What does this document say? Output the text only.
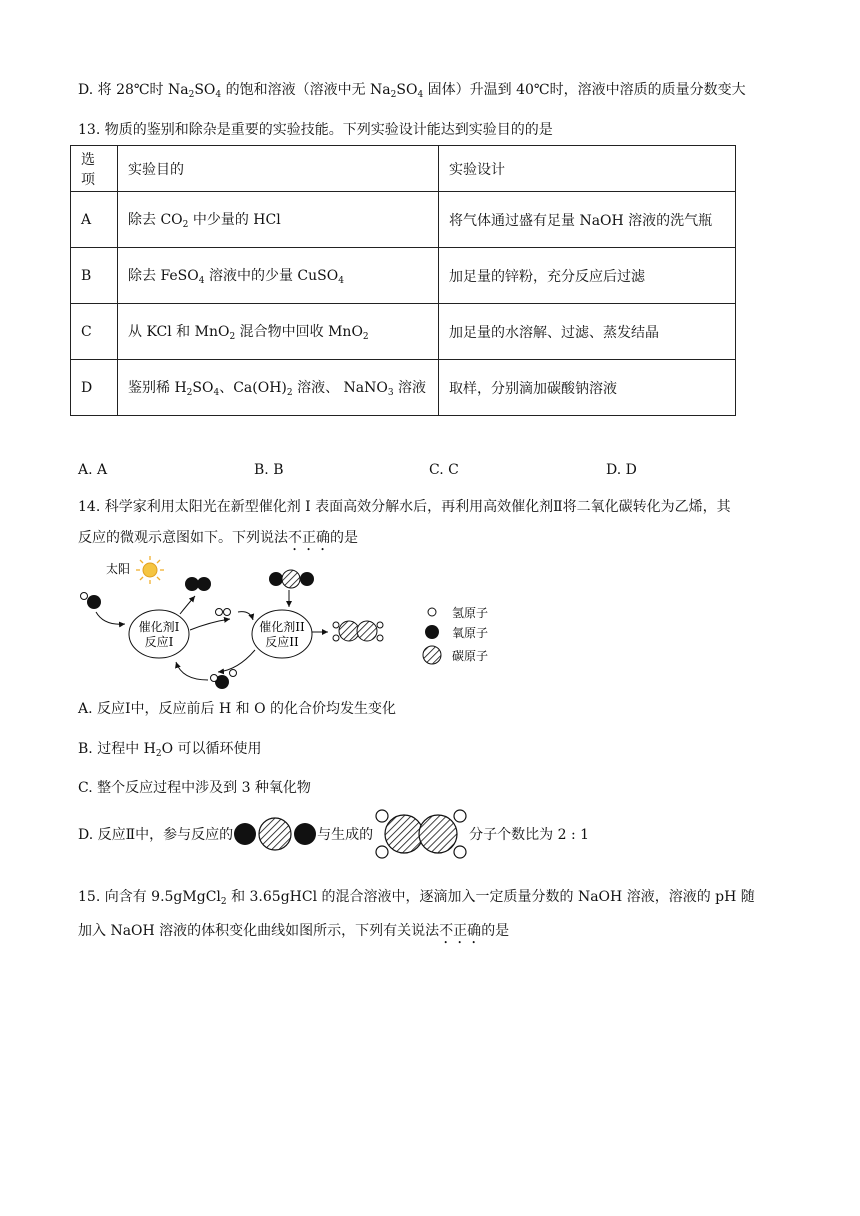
D. 将 28℃时 $Na_2SO_4$ 的饱和溶液（溶液中无 $Na_2SO_4$ 固体）升温到 40℃时，溶液中溶质的质量分数变大
13. 物质的鉴别和除杂是重要的实验技能。下列实验设计能达到实验目的的是
选项	实验目的	实验设计
A	除去 $CO_2$ 中少量的 HCl	将气体通过盛有足量 NaOH 溶液的洗气瓶
B	除去 FeSO$_4$ 溶液中的少量 CuSO$_4$	加足量的锌粉，充分反应后过滤
C	从 KCl 和 MnO$_2$ 混合物中回收 MnO$_2$	加足量的水溶解、过滤、蒸发结晶
D	鉴别稀 $H_2SO_4$、$Ca(OH)_2$ 溶液、 NaNO$_3$ 溶液	取样，分别滴加碳酸钠溶液
A. A	B. B	C. C	D. D
14. 科学家利用太阳光在新型催化剂 I 表面高效分解水后，再利用高效催化剂Ⅱ将二氧化碳转化为乙烯，其
反应的微观示意图如下。下列说法不正确的是
太阳
催化剂I
反应I
催化剂II
反应II
氢原子
氧原子
碳原子
A. 反应Ⅰ中，反应前后 H 和 O 的化合价均发生变化
B. 过程中 $H_2O$ 可以循环使用
C. 整个反应过程中涉及到 3 种氧化物
D. 反应Ⅱ中，参与反应的	与生成的	分子个数比为 2 : 1
15. 向含有 9.5gMgCl$_2$ 和 3.65gHCl 的混合溶液中，逐滴加入一定质量分数的 NaOH 溶液，溶液的 pH 随
加入 NaOH 溶液的体积变化曲线如图所示，下列有关说法不正确的是
